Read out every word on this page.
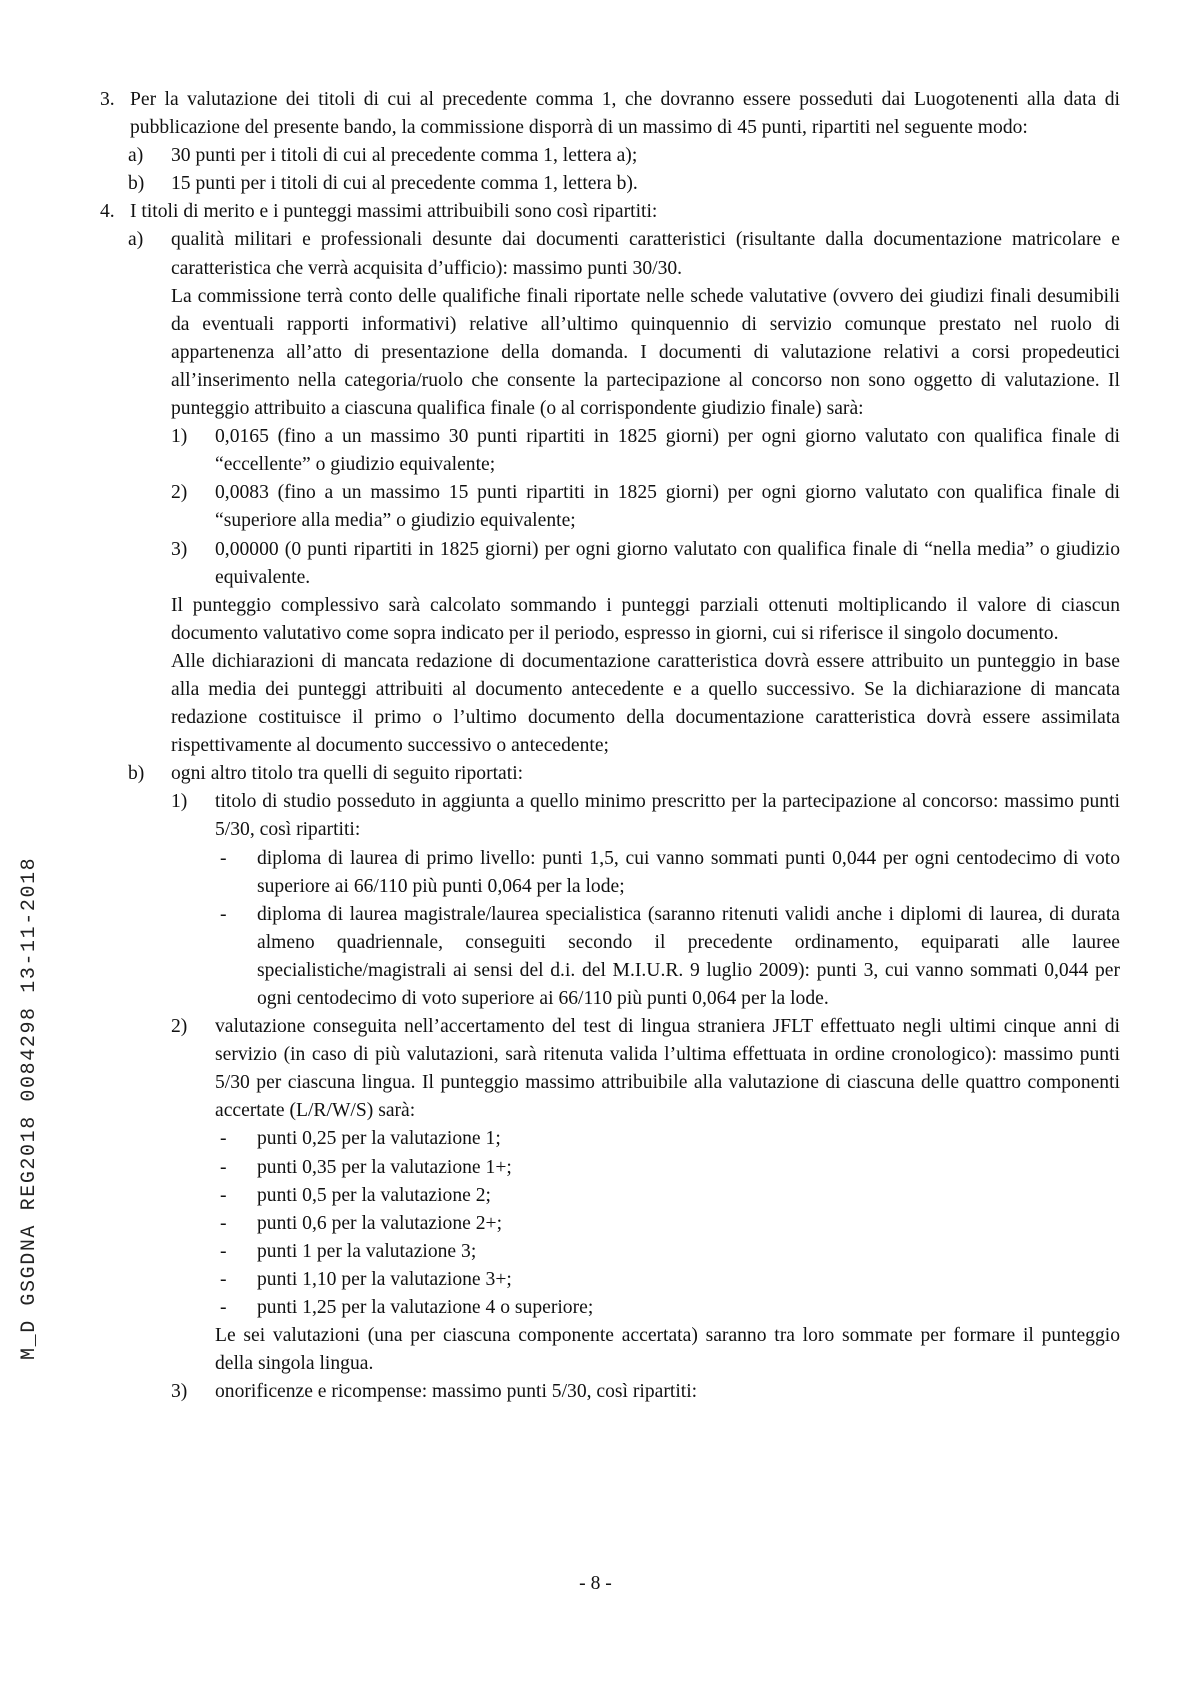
M_D GSGDNA REG2018 0084298 13-11-2018
3. Per la valutazione dei titoli di cui al precedente comma 1, che dovranno essere posseduti dai Luogotenenti alla data di pubblicazione del presente bando, la commissione disporrà di un massimo di 45 punti, ripartiti nel seguente modo:
a) 30 punti per i titoli di cui al precedente comma 1, lettera a);
b) 15 punti per i titoli di cui al precedente comma 1, lettera b).
4. I titoli di merito e i punteggi massimi attribuibili sono così ripartiti:
a) qualità militari e professionali desunte dai documenti caratteristici (risultante dalla documentazione matricolare e caratteristica che verrà acquisita d’ufficio): massimo punti 30/30.
La commissione terrà conto delle qualifiche finali riportate nelle schede valutative (ovvero dei giudizi finali desumibili da eventuali rapporti informativi) relative all’ultimo quinquennio di servizio comunque prestato nel ruolo di appartenenza all’atto di presentazione della domanda. I documenti di valutazione relativi a corsi propedeutici all’inserimento nella categoria/ruolo che consente la partecipazione al concorso non sono oggetto di valutazione. Il punteggio attribuito a ciascuna qualifica finale (o al corrispondente giudizio finale) sarà:
1) 0,0165 (fino a un massimo 30 punti ripartiti in 1825 giorni) per ogni giorno valutato con qualifica finale di “eccellente” o giudizio equivalente;
2) 0,0083 (fino a un massimo 15 punti ripartiti in 1825 giorni) per ogni giorno valutato con qualifica finale di “superiore alla media” o giudizio equivalente;
3) 0,00000 (0 punti ripartiti in 1825 giorni) per ogni giorno valutato con qualifica finale di “nella media” o giudizio equivalente.
Il punteggio complessivo sarà calcolato sommando i punteggi parziali ottenuti moltiplicando il valore di ciascun documento valutativo come sopra indicato per il periodo, espresso in giorni, cui si riferisce il singolo documento.
Alle dichiarazioni di mancata redazione di documentazione caratteristica dovrà essere attribuito un punteggio in base alla media dei punteggi attribuiti al documento antecedente e a quello successivo. Se la dichiarazione di mancata redazione costituisce il primo o l’ultimo documento della documentazione caratteristica dovrà essere assimilata rispettivamente al documento successivo o antecedente;
b) ogni altro titolo tra quelli di seguito riportati:
1) titolo di studio posseduto in aggiunta a quello minimo prescritto per la partecipazione al concorso: massimo punti 5/30, così ripartiti:
- diploma di laurea di primo livello: punti 1,5, cui vanno sommati punti 0,044 per ogni centodecimo di voto superiore ai 66/110 più punti 0,064 per la lode;
- diploma di laurea magistrale/laurea specialistica (saranno ritenuti validi anche i diplomi di laurea, di durata almeno quadriennale, conseguiti secondo il precedente ordinamento, equiparati alle lauree specialistiche/magistrali ai sensi del d.i. del M.I.U.R. 9 luglio 2009): punti 3, cui vanno sommati 0,044 per ogni centodecimo di voto superiore ai 66/110 più punti 0,064 per la lode.
2) valutazione conseguita nell’accertamento del test di lingua straniera JFLT effettuato negli ultimi cinque anni di servizio (in caso di più valutazioni, sarà ritenuta valida l’ultima effettuata in ordine cronologico): massimo punti 5/30 per ciascuna lingua. Il punteggio massimo attribuibile alla valutazione di ciascuna delle quattro componenti accertate (L/R/W/S) sarà:
- punti 0,25 per la valutazione 1;
- punti 0,35 per la valutazione 1+;
- punti 0,5 per la valutazione 2;
- punti 0,6 per la valutazione 2+;
- punti 1 per la valutazione 3;
- punti 1,10 per la valutazione 3+;
- punti 1,25 per la valutazione 4 o superiore;
Le sei valutazioni (una per ciascuna componente accertata) saranno tra loro sommate per formare il punteggio della singola lingua.
3) onorificenze e ricompense: massimo punti 5/30, così ripartiti:
- 8 -
